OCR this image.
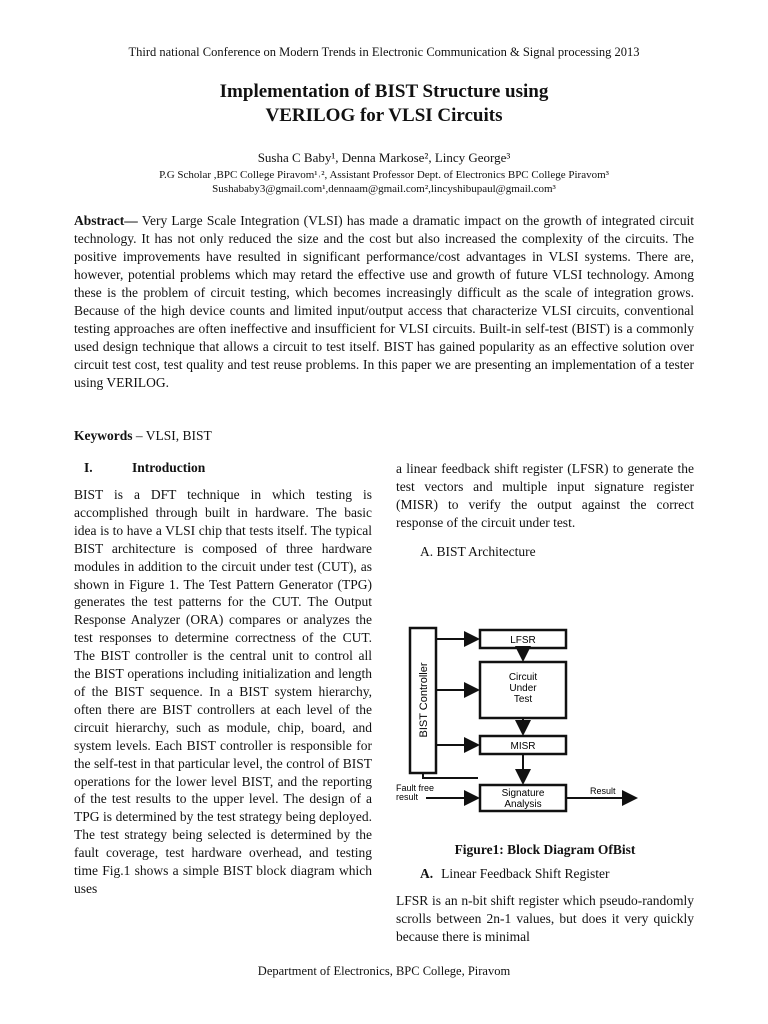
Third national Conference on Modern Trends in Electronic Communication & Signal processing 2013
Implementation of BIST Structure using
VERILOG for VLSI Circuits
Susha C Baby¹, Denna Markose², Lincy George³
P.G Scholar ,BPC College Piravom¹˒², Assistant Professor Dept. of Electronics BPC College Piravom³
Sushababy3@gmail.com¹,dennaam@gmail.com²,lincyshibupaul@gmail.com³
Abstract— Very Large Scale Integration (VLSI) has made a dramatic impact on the growth of integrated circuit technology. It has not only reduced the size and the cost but also increased the complexity of the circuits. The positive improvements have resulted in significant performance/cost advantages in VLSI systems. There are, however, potential problems which may retard the effective use and growth of future VLSI technology. Among these is the problem of circuit testing, which becomes increasingly difficult as the scale of integration grows. Because of the high device counts and limited input/output access that characterize VLSI circuits, conventional testing approaches are often ineffective and insufficient for VLSI circuits. Built-in self-test (BIST) is a commonly used design technique that allows a circuit to test itself. BIST has gained popularity as an effective solution over circuit test cost, test quality and test reuse problems. In this paper we are presenting an implementation of a tester using VERILOG.
Keywords – VLSI, BIST
I.	Introduction

BIST is a DFT technique in which testing is accomplished through built in hardware. The basic idea is to have a VLSI chip that tests itself. The typical BIST architecture is composed of three hardware modules in addition to the circuit under test (CUT), as shown in Figure 1. The Test Pattern Generator (TPG) generates the test patterns for the CUT. The Output Response Analyzer (ORA) compares or analyzes the test responses to determine correctness of the CUT. The BIST controller is the central unit to control all the BIST operations including initialization and length of the BIST sequence. In a BIST system hierarchy, often there are BIST controllers at each level of the circuit hierarchy, such as module, chip, board, and system levels. Each BIST controller is responsible for the self-test in that particular level, the control of BIST operations for the lower level BIST, and the reporting of the test results to the upper level. The design of a TPG is determined by the test strategy being deployed. The test strategy being selected is determined by the fault coverage, test hardware overhead, and testing time Fig.1 shows a simple BIST block diagram which uses

a linear feedback shift register (LFSR) to generate the test vectors and multiple input signature register (MISR) to verify the output against the correct response of the circuit under test.

A. BIST Architecture
BIST Controller
LFSR
Circuit
Under
Test
MISR
Signature
Analysis
Fault free
result
Result
Figure1: Block Diagram OfBist
A. Linear Feedback Shift Register

LFSR is an n-bit shift register which pseudo-randomly scrolls between 2n-1 values, but does it very quickly because there is minimal

Department of Electronics, BPC College, Piravom
